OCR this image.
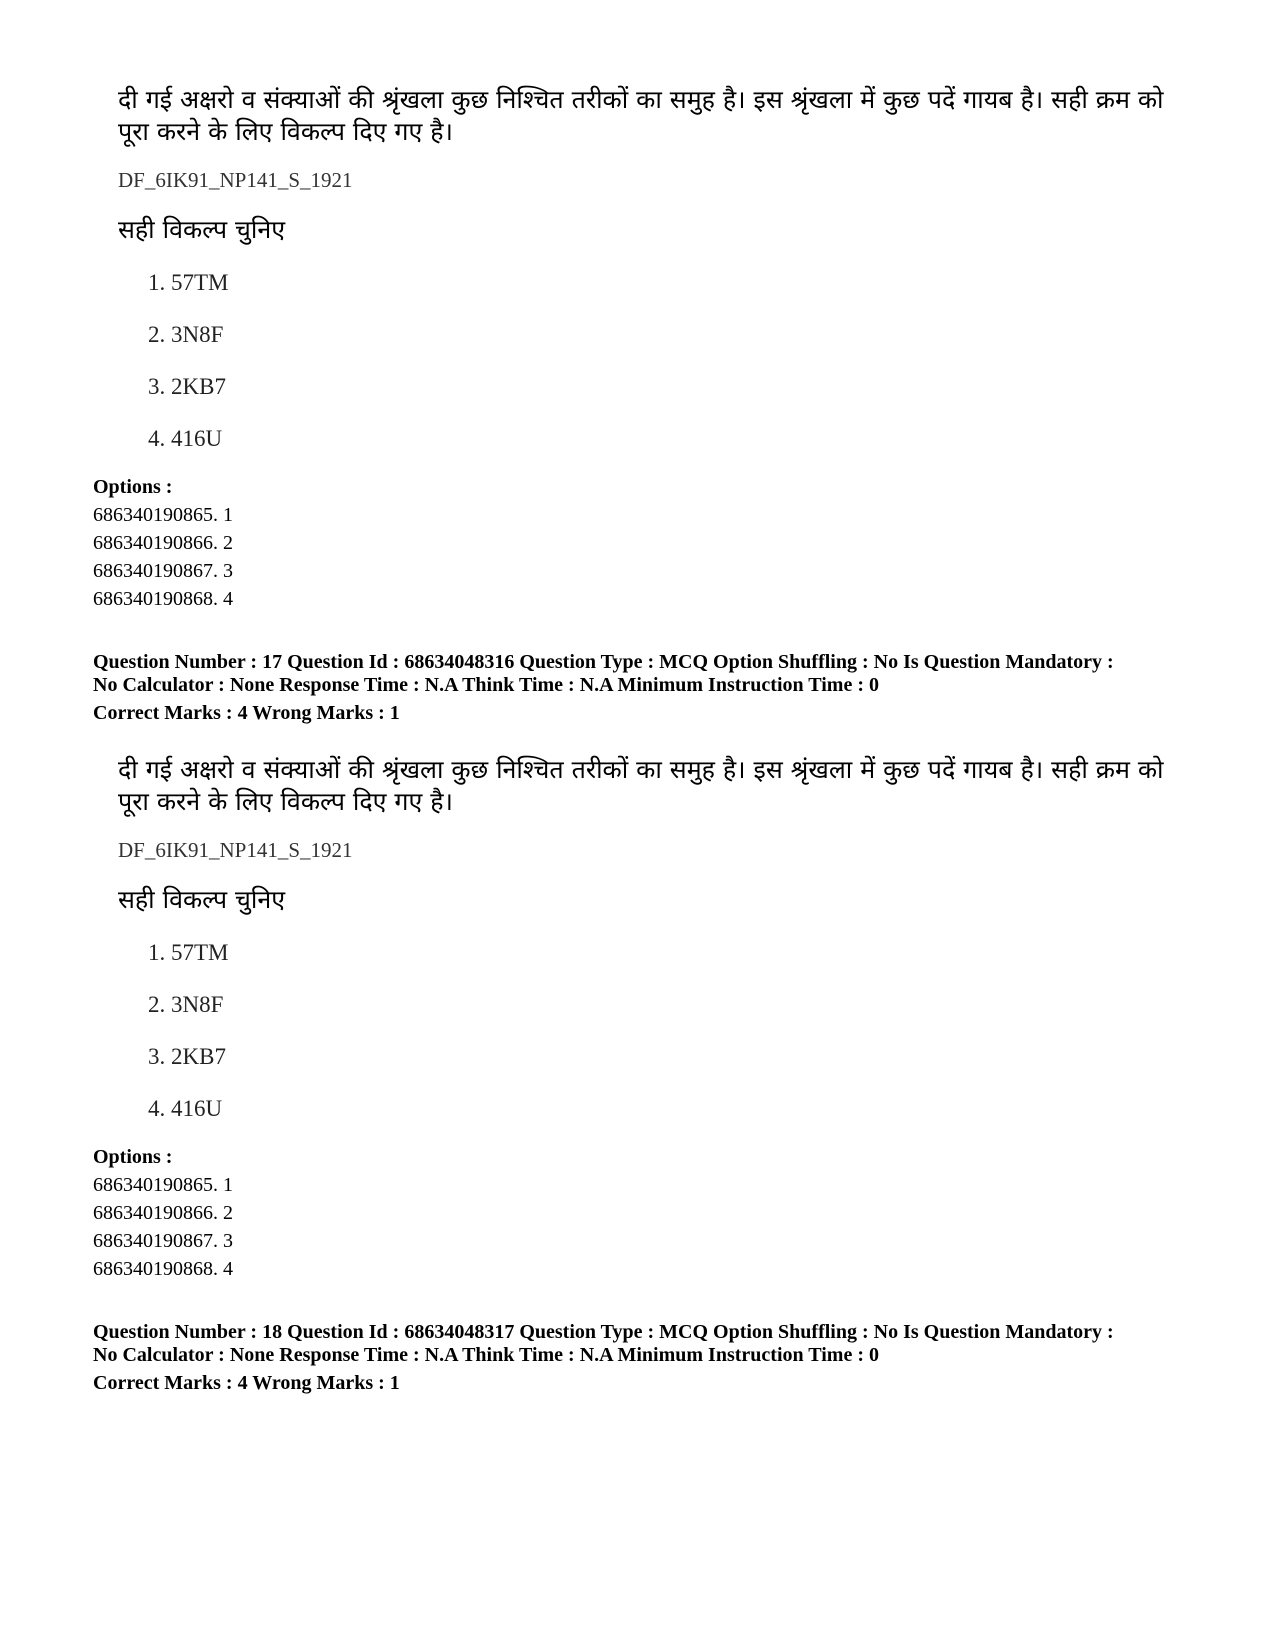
दी गई अक्षरो व संक्याओं की श्रृंखला कुछ निश्चित तरीकों का समुह है। इस श्रृंखला में कुछ पदें गायब है। सही क्रम को पूरा करने के लिए विकल्प दिए गए है।
DF_6IK91_NP141_S_1921
सही विकल्प चुनिए
1. 57TM
2. 3N8F
3. 2KB7
4. 416U
Options :
686340190865. 1
686340190866. 2
686340190867. 3
686340190868. 4
Question Number : 17 Question Id : 68634048316 Question Type : MCQ Option Shuffling : No Is Question Mandatory :
No Calculator : None Response Time : N.A Think Time : N.A Minimum Instruction Time : 0
Correct Marks : 4 Wrong Marks : 1
दी गई अक्षरो व संक्याओं की श्रृंखला कुछ निश्चित तरीकों का समुह है। इस श्रृंखला में कुछ पदें गायब है। सही क्रम को पूरा करने के लिए विकल्प दिए गए है।
DF_6IK91_NP141_S_1921
सही विकल्प चुनिए
1. 57TM
2. 3N8F
3. 2KB7
4. 416U
Options :
686340190865. 1
686340190866. 2
686340190867. 3
686340190868. 4
Question Number : 18 Question Id : 68634048317 Question Type : MCQ Option Shuffling : No Is Question Mandatory :
No Calculator : None Response Time : N.A Think Time : N.A Minimum Instruction Time : 0
Correct Marks : 4 Wrong Marks : 1
